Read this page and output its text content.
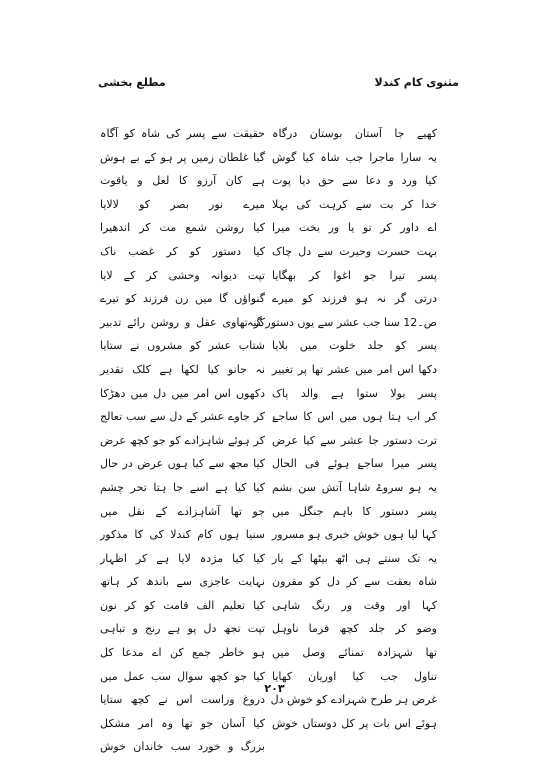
مثنوی کام کندلا
مطلع بخشی
کھیے جا آستان بوستان درگاہ
یہ سارا ماجرا جب شاہ کیا گوش
کیا ورد و دعا سے حق دیا پوت
خدا کر بت سے کرہت کی بہلا
اے داور کر تو یا ور بخت میرا
بہت حسرت وحیرت سے دل چاک
پسر تیرا جو اغوا کر بھگایا
درتی گر نہ ہو فرزند کو میرے
ص۔12 سنا جب عشر سے یوں دستور گنہ
پسر کو جلد خلوت میں بلایا
دکھا اس امر میں عشر تھا پر تغییر
پسر بولا ستوا ہے والد پاک
کر اب ہتا ہوں میں اس کا ساجۓ
ترت دستور جا عشر سے کیا عرض
پسر میرا ساجۓ ہوئے فی الحال
یہ ہو سروۓ شاہا آتش سن بشم
پسر دستور کا باہم جنگل میں
کہا لیا ہوں خوش خبری ہو مسرور
یہ تک سنتے ہی اٹھ بیٹھا کے یار
شاہ بعقت سے کر دل کو مقرون
کہا اور وقت ور رنگ شاہی
وضو کر جلد کچھ فرما ناوہل
تھا شہزادہ تمنائے وصل میں
تناول جب کیا اوریان کھایا
غرض ہر طرح شہزادے کو خوش دل
ہوئے اس بات پر کل دوستاں خوش
حقیقت سے پسر کی شاہ کو آگاہ
گیا غلطان زمیں پر ہو کے بے ہوش
ہے کان آرزو کا لعل و یاقوت
میرے نور بصر کو لالایا
کیا روشن شمع مت کر اندھیرا
کیا دستور کو کر غضب ناک
تپت دیوانہ وحشی کر کے لایا
گنواؤں گا میں زن فرزند کو تیرے
کر تھاوی عقل و روشن رائے تدبیر
شتاب عشر کو مشروں نے ستایا
نہ جانو کیا لکھا ہے کلک تقدیر
دکھوں اس امر میں دل میں دھڑکا
کر جاوے عشر کے دل سے سب تعالج
کر ہوئے شاہزادے کو جو کچھ عرض
کیا مجھ سے کیا ہوں عرض در حال
کیا کیا ہے اسے جا ہتا تحر چشم
جو تھا آشاہزادے کے نقل میں
سنیا ہوں کام کندلا کی کا مذکور
کیا کیا مژدہ لایا ہے کر اظہار
نہایت عاجزی سے باندھ کر ہاتھ
کیا تعلیم الف قامت کو کر نون
تپت تجھ دل پو ہے رنج و تباہی
ہو خاطر جمع کن اے مدعا کل
کیا جو کچھ سوال سب عمل میں
دروغ وراست اس نے کچھ ستایا
کیا آسان جو تھا وہ امر مشکل
بزرگ و خورد سب خاندان خوش
۲۰۳
